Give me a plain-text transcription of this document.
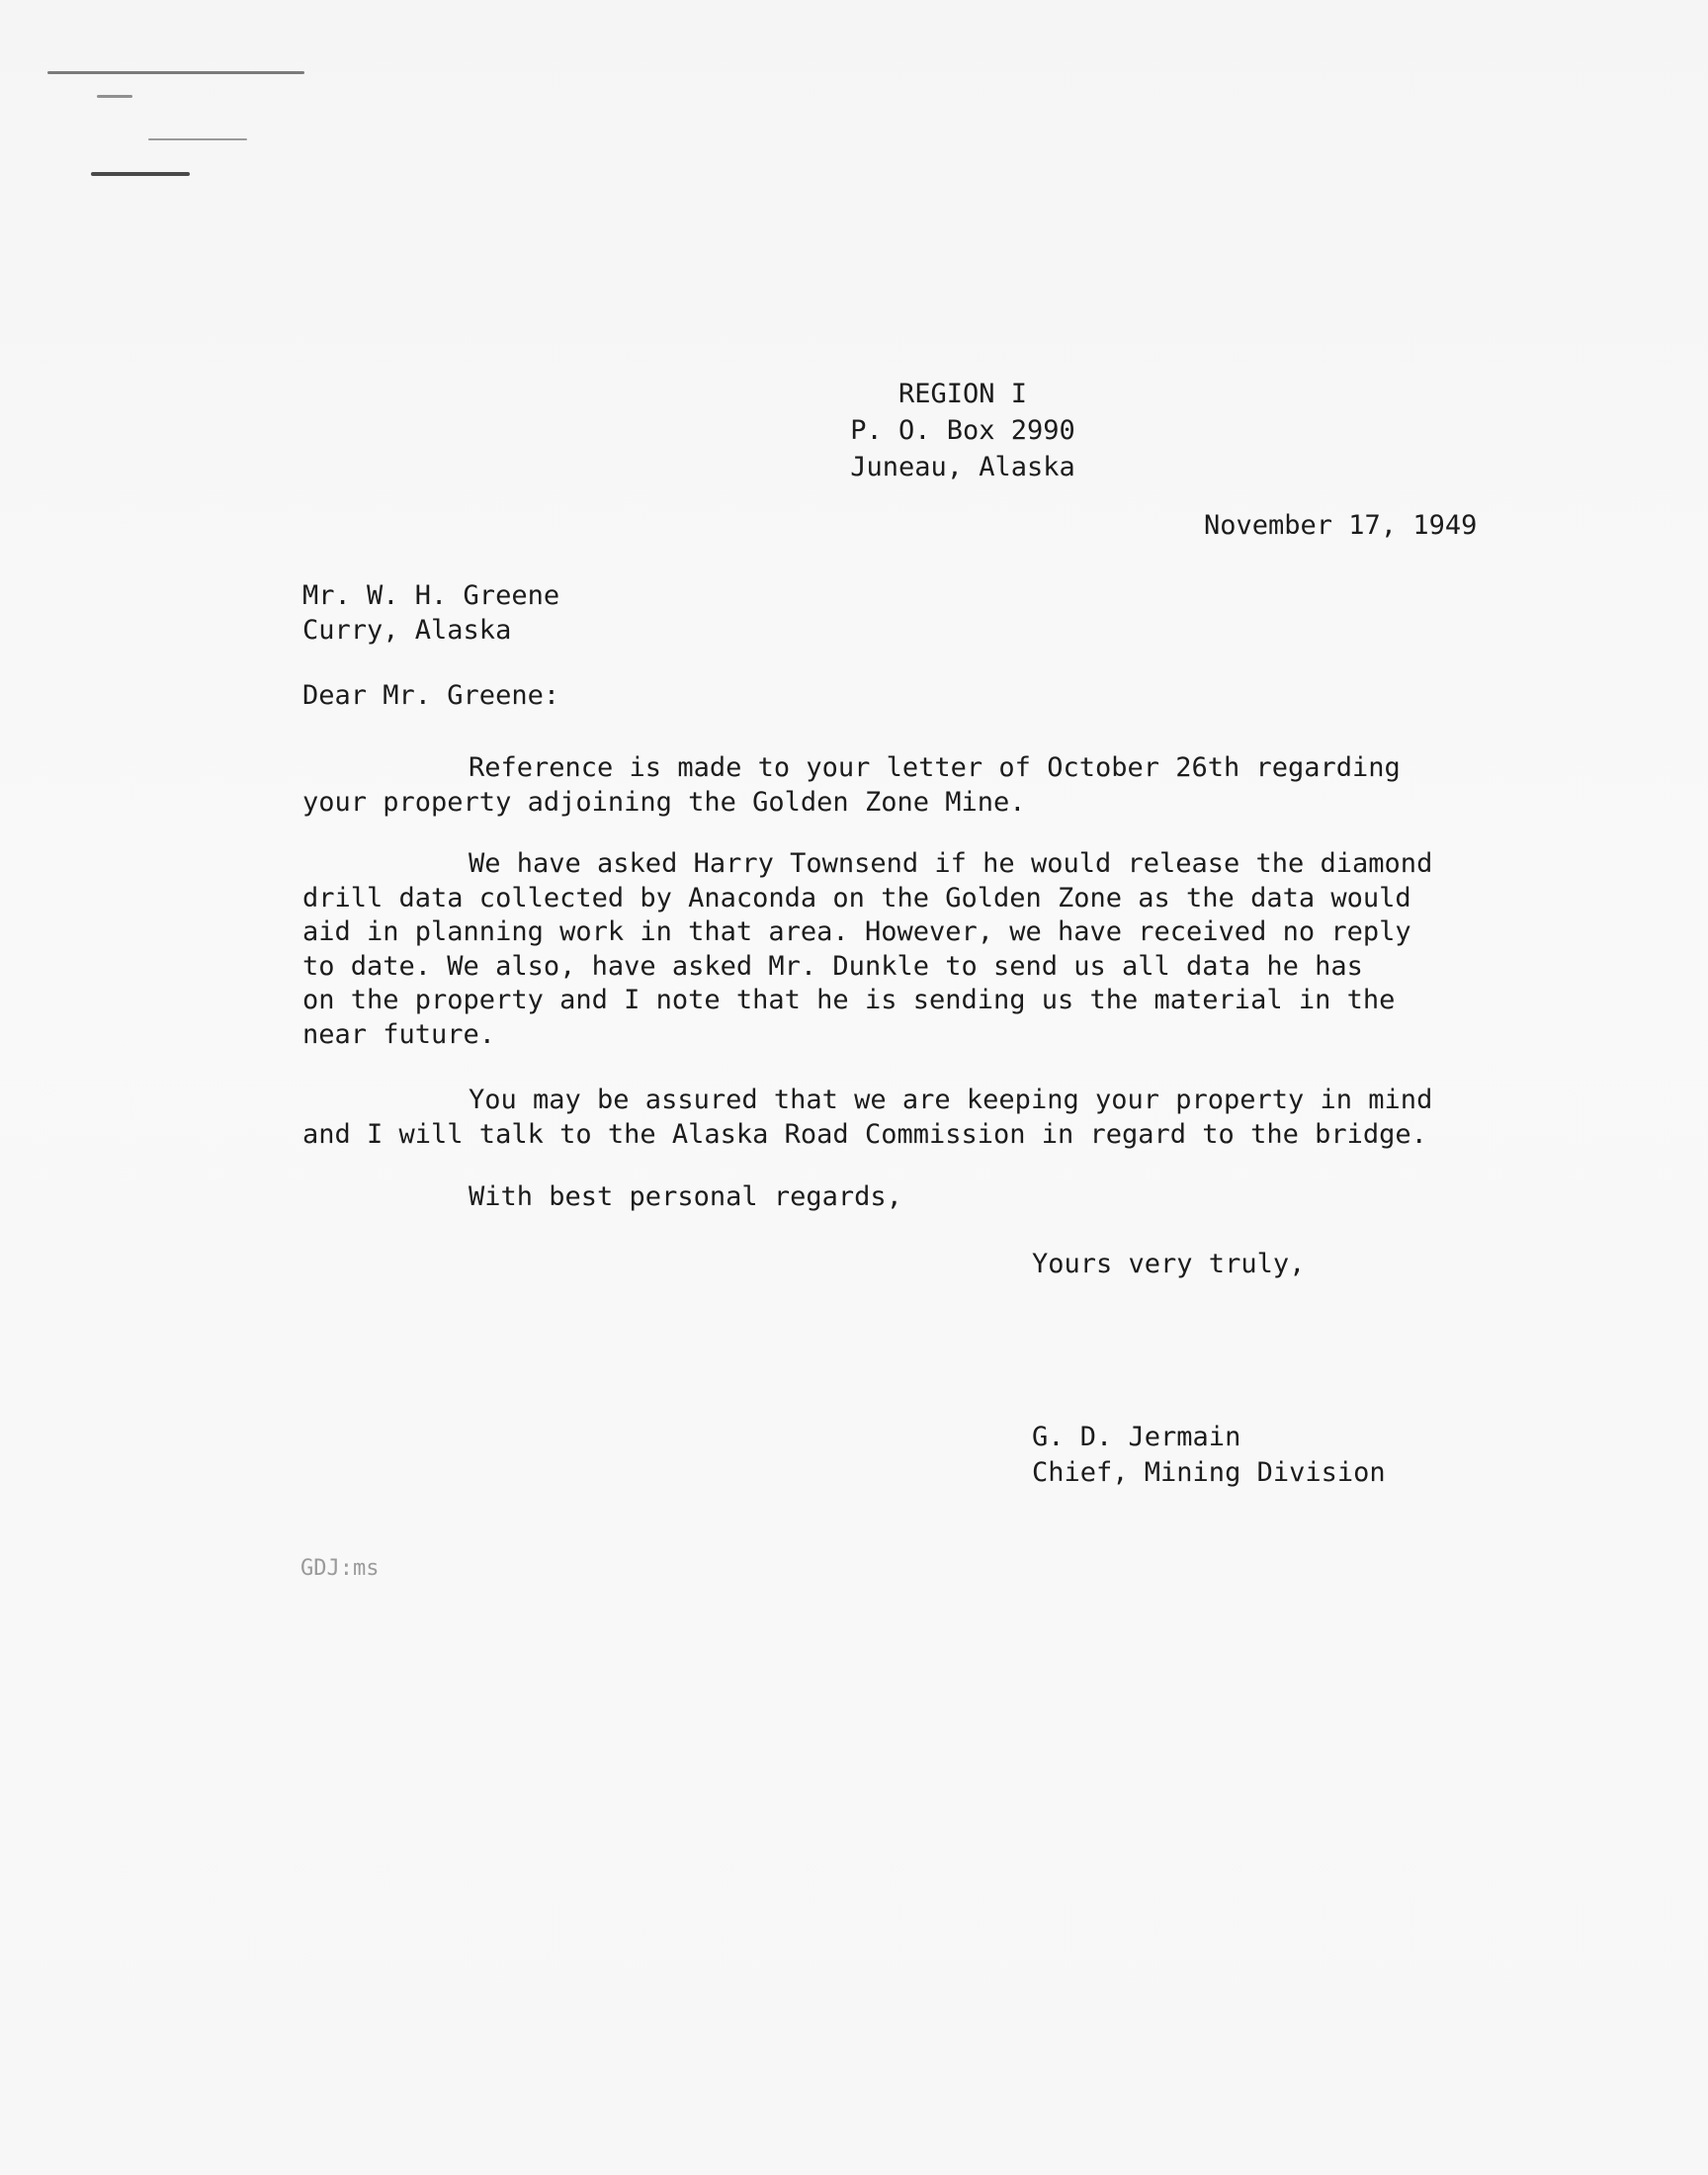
REGION I
P. O. Box 2990
Juneau, Alaska
November 17, 1949
Mr. W. H. Greene
Curry, Alaska
Dear Mr. Greene:
Reference is made to your letter of October 26th regarding
your property adjoining the Golden Zone Mine.
We have asked Harry Townsend if he would release the diamond
drill data collected by Anaconda on the Golden Zone as the data would
aid in planning work in that area. However, we have received no reply
to date. We also, have asked Mr. Dunkle to send us all data he has
on the property and I note that he is sending us the material in the
near future.
You may be assured that we are keeping your property in mind
and I will talk to the Alaska Road Commission in regard to the bridge.
With best personal regards,
Yours very truly,
G. D. Jermain
Chief, Mining Division
GDJ:ms
